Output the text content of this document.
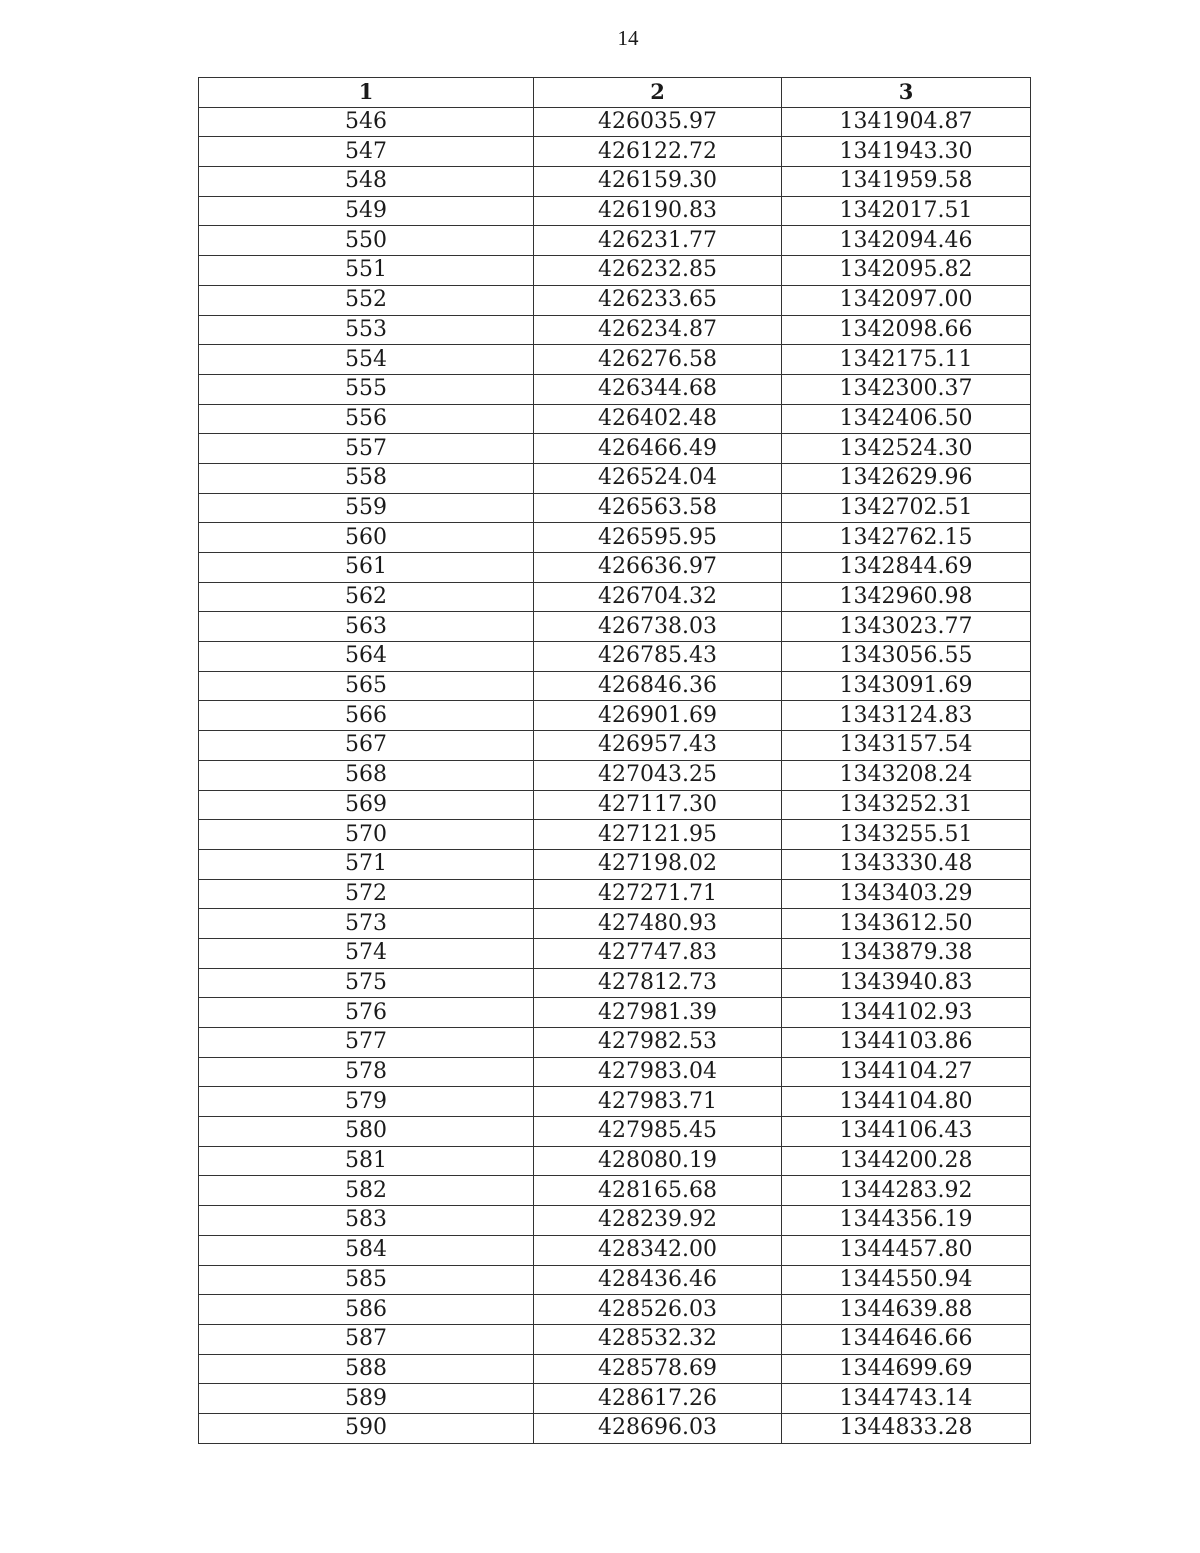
14
1	2	3
546	426035.97	1341904.87
547	426122.72	1341943.30
548	426159.30	1341959.58
549	426190.83	1342017.51
550	426231.77	1342094.46
551	426232.85	1342095.82
552	426233.65	1342097.00
553	426234.87	1342098.66
554	426276.58	1342175.11
555	426344.68	1342300.37
556	426402.48	1342406.50
557	426466.49	1342524.30
558	426524.04	1342629.96
559	426563.58	1342702.51
560	426595.95	1342762.15
561	426636.97	1342844.69
562	426704.32	1342960.98
563	426738.03	1343023.77
564	426785.43	1343056.55
565	426846.36	1343091.69
566	426901.69	1343124.83
567	426957.43	1343157.54
568	427043.25	1343208.24
569	427117.30	1343252.31
570	427121.95	1343255.51
571	427198.02	1343330.48
572	427271.71	1343403.29
573	427480.93	1343612.50
574	427747.83	1343879.38
575	427812.73	1343940.83
576	427981.39	1344102.93
577	427982.53	1344103.86
578	427983.04	1344104.27
579	427983.71	1344104.80
580	427985.45	1344106.43
581	428080.19	1344200.28
582	428165.68	1344283.92
583	428239.92	1344356.19
584	428342.00	1344457.80
585	428436.46	1344550.94
586	428526.03	1344639.88
587	428532.32	1344646.66
588	428578.69	1344699.69
589	428617.26	1344743.14
590	428696.03	1344833.28
